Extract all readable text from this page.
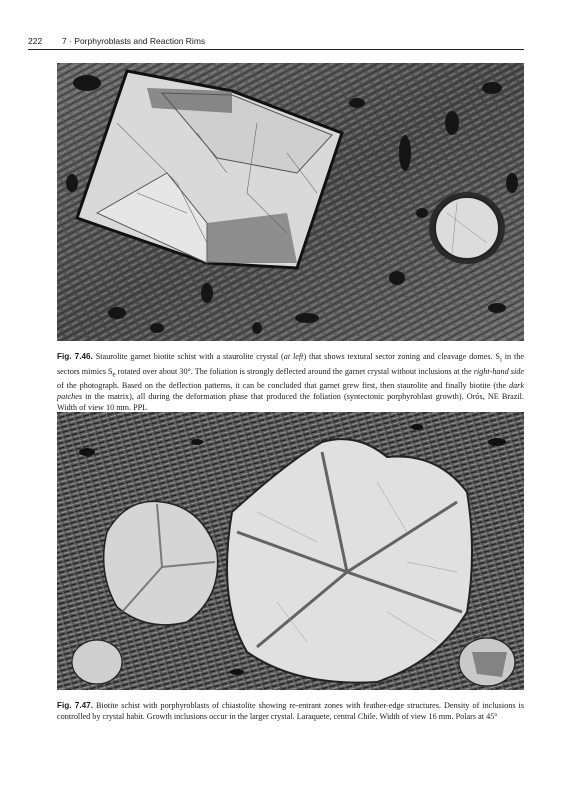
222 7 · Porphyroblasts and Reaction Rims

Fig. 7.46. Staurolite garnet biotite schist with a staurolite crystal (at left) that shows textural sector zoning and cleavage domes. $S_i$ in the sectors mimics $S_e$ rotated over about 30°. The foliation is strongly deflected around the garnet crystal without inclusions at the right-hand side of the photograph. Based on the deflection patterns, it can be concluded that garnet grew first, then staurolite and finally biotite (the dark patches in the matrix), all during the deformation phase that produced the foliation (syntectonic porphyroblast growth). Orós, NE Brazil. Width of view 10 mm. PPL

Fig. 7.47. Biotite schist with porphyroblasts of chiastolite showing re-entrant zones with feather-edge structures. Density of inclusions is controlled by crystal habit. Growth inclusions occur in the larger crystal. Laraquete, central Chile. Width of view 16 mm. Polars at 45°
